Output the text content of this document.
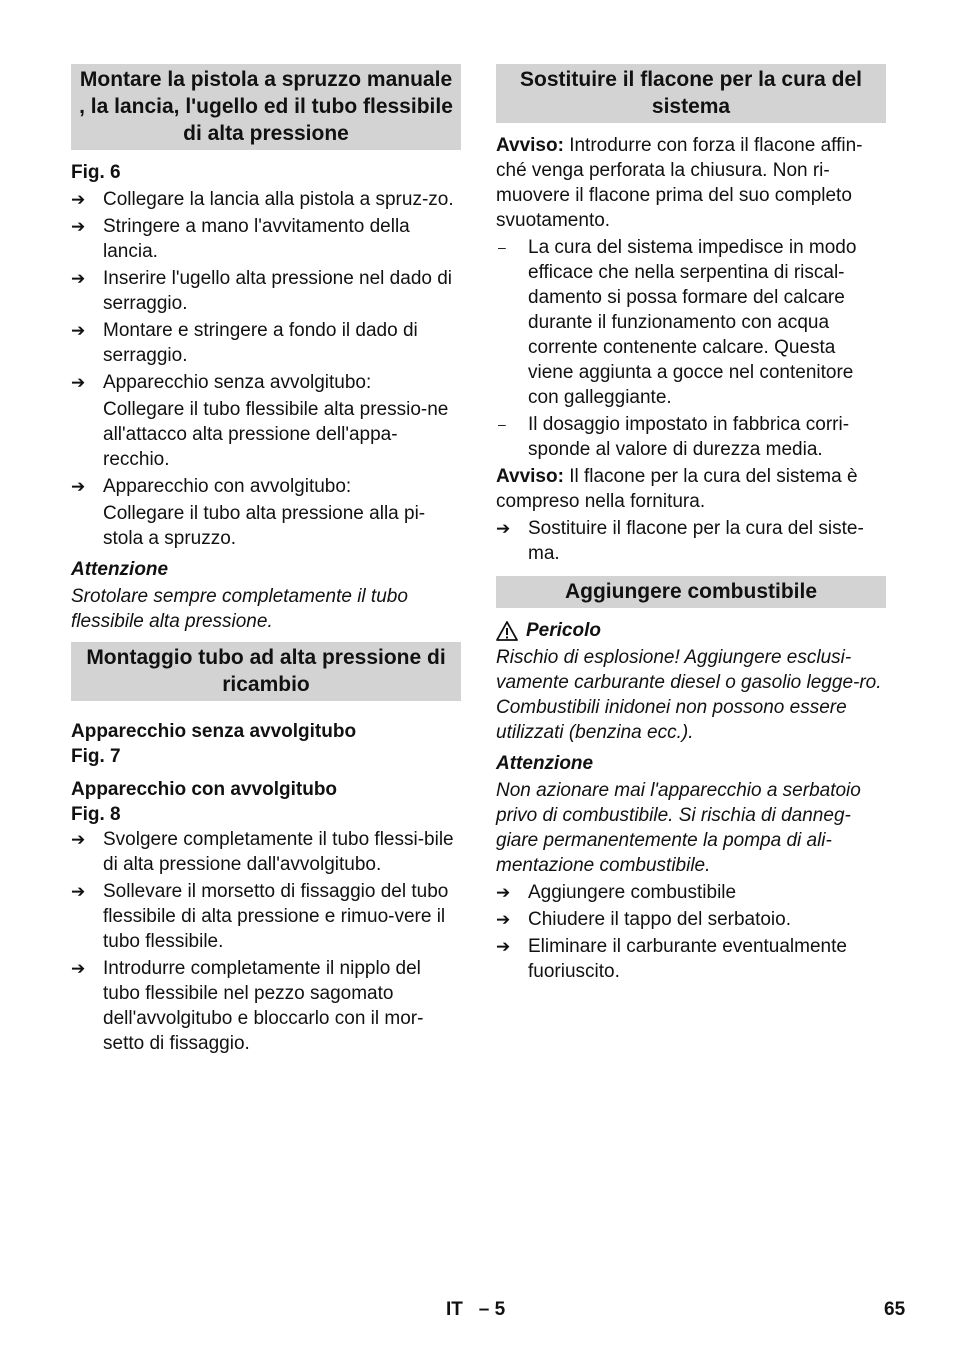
Montare la pistola a spruzzo manuale , la lancia, l'ugello ed il tubo flessibile di alta pressione
Fig. 6
➔ Collegare la lancia alla pistola a spruz-zo.
➔ Stringere a mano l'avvitamento della lancia.
➔ Inserire l'ugello alta pressione nel dado di serraggio.
➔ Montare e stringere a fondo il dado di serraggio.
➔ Apparecchio senza avvolgitubo:
Collegare il tubo flessibile alta pressio-ne all'attacco alta pressione dell'appa-recchio.
➔ Apparecchio con avvolgitubo:
Collegare il tubo alta pressione alla pi-stola a spruzzo.
Attenzione
Srotolare sempre completamente il tubo flessibile alta pressione.
Montaggio tubo ad alta pressione di ricambio
Apparecchio senza avvolgitubo
Fig. 7
Apparecchio con avvolgitubo
Fig. 8
➔ Svolgere completamente il tubo flessi-bile di alta pressione dall'avvolgitubo.
➔ Sollevare il morsetto di fissaggio del tubo flessibile di alta pressione e rimuo-vere il tubo flessibile.
➔ Introdurre completamente il nipplo del tubo flessibile nel pezzo sagomato dell'avvolgitubo e bloccarlo con il mor-setto di fissaggio.
Sostituire il flacone per la cura del sistema
Avviso: Introdurre con forza il flacone affin-ché venga perforata la chiusura. Non ri-muovere il flacone prima del suo completo svuotamento.
–	La cura del sistema impedisce in modo efficace che nella serpentina di riscal-damento si possa formare del calcare durante il funzionamento con acqua corrente contenente calcare. Questa viene aggiunta a gocce nel contenitore con galleggiante.
–	Il dosaggio impostato in fabbrica corri-sponde al valore di durezza media.
Avviso: Il flacone per la cura del sistema è compreso nella fornitura.
➔ Sostituire il flacone per la cura del siste-ma.
Aggiungere combustibile
Pericolo
Rischio di esplosione! Aggiungere esclusi-vamente carburante diesel o gasolio legge-ro. Combustibili inidonei non possono essere utilizzati (benzina ecc.).
Attenzione
Non azionare mai l'apparecchio a serbatoio privo di combustibile. Si rischia di danneg-giare permanentemente la pompa di ali-mentazione combustibile.
➔ Aggiungere combustibile
➔ Chiudere il tappo del serbatoio.
➔ Eliminare il carburante eventualmente fuoriuscito.
IT – 5	65
